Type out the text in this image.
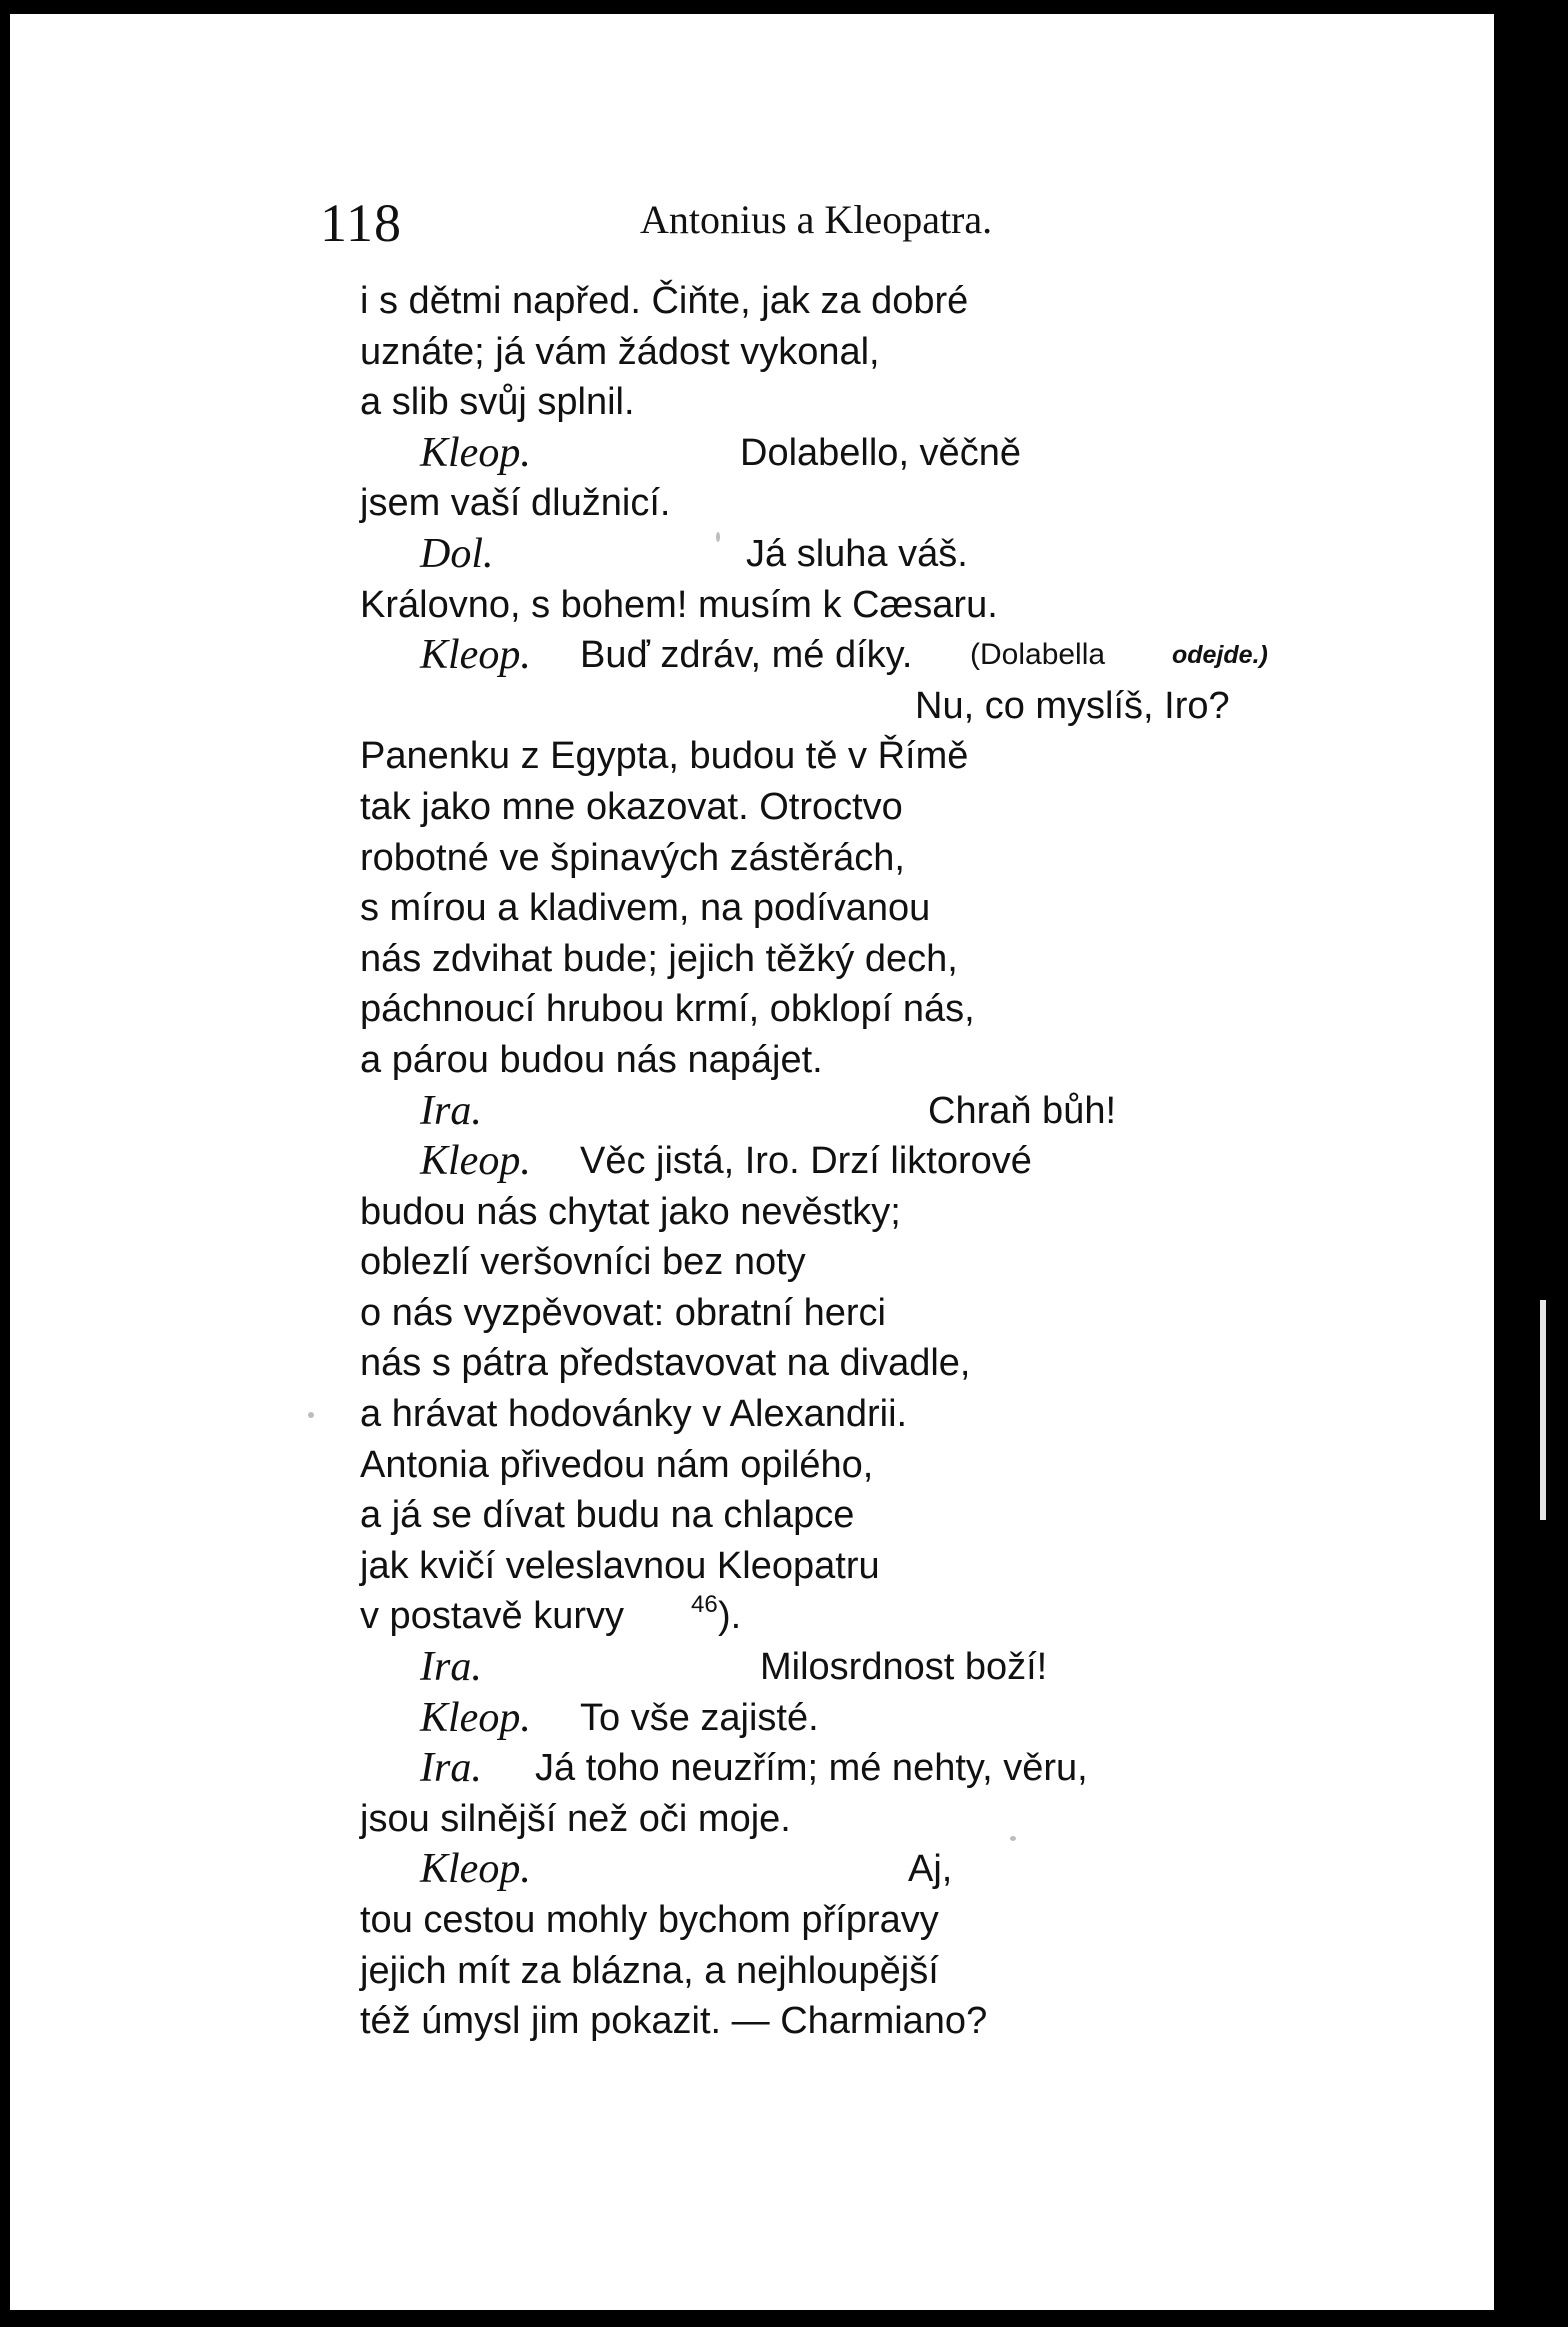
118	Antonius a Kleopatra.
i s dětmi napřed. Čiňte, jak za dobré
uznáte; já vám žádost vykonal,
a slib svůj splnil.
Kleop.	Dolabello, věčně
jsem vaší dlužnicí.
Dol.	Já sluha váš.
Královno, s bohem! musím k Cæsaru.
Kleop. Buď zdráv, mé díky. (Dolabella	odejde.)
Nu, co myslíš, Iro?
Panenku z Egypta, budou tě v Římě
tak jako mne okazovat. Otroctvo
robotné ve špinavých zástěrách,
s mírou a kladivem, na podívanou
nás zdvihat bude; jejich těžký dech,
páchnoucí hrubou krmí, obklopí nás,
a párou budou nás napájet.
Ira.	Chraň bůh!
Kleop. Věc jistá, Iro. Drzí liktorové
budou nás chytat jako nevěstky;
oblezlí veršovníci bez noty
o nás vyzpěvovat: obratní herci
nás s pátra představovat na divadle,
a hrávat hodovánky v Alexandrii.
Antonia přivedou nám opilého,
a já se dívat budu na chlapce
jak kvičí veleslavnou Kleopatru
v postavě kurvy	$^{46}$ ).
Ira.	Milosrdnost boží!
Kleop. To vše zajisté.
Ira. Já toho neuzřím; mé nehty, věru,
jsou silnější než oči moje.
Kleop.	Aj,
tou cestou mohly bychom přípravy
jejich mít za blázna, a nejhloupější
též úmysl jim pokazit. — Charmiano?
